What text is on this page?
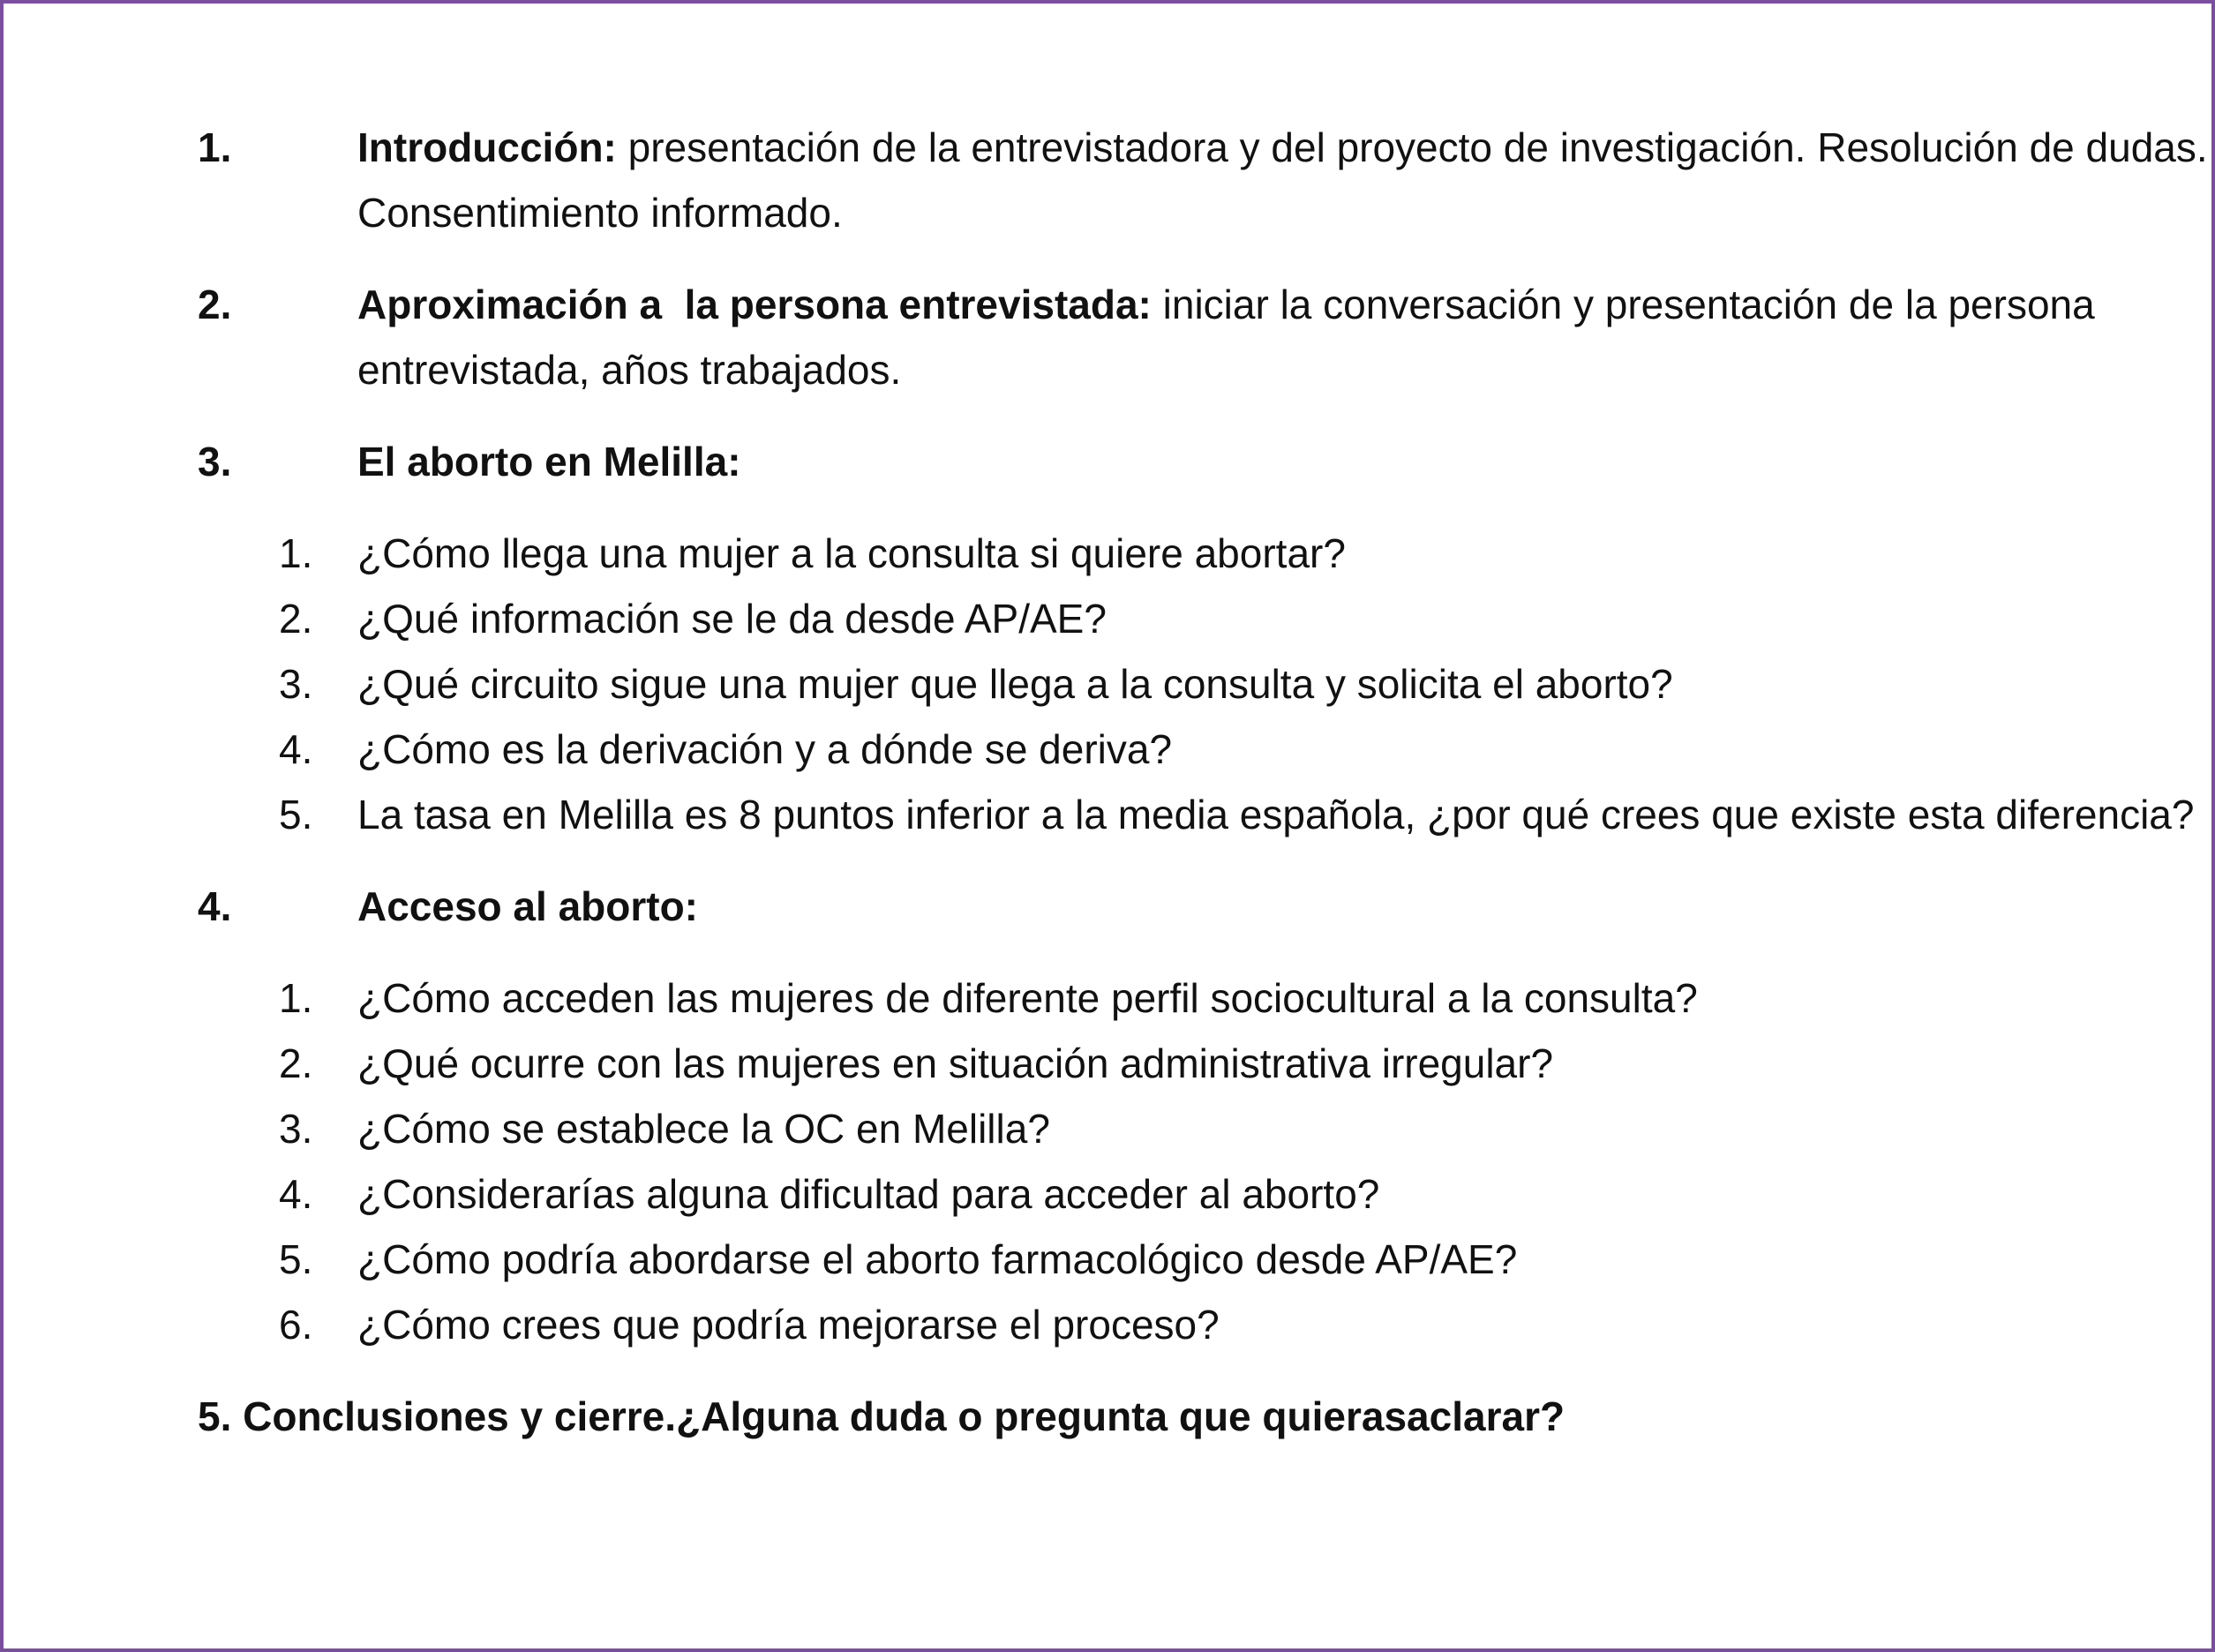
1.	Introducción: presentación de la entrevistadora y del proyecto de investigación. Resolución de dudas. Consentimiento informado.
2.	Aproximación a  la persona entrevistada: iniciar la conversación y presentación de la persona entrevistada, años trabajados.
3.	El aborto en Melilla:
1. ¿Cómo llega una mujer a la consulta si quiere abortar?
2. ¿Qué información se le da desde AP/AE?
3. ¿Qué circuito sigue una mujer que llega a la consulta y solicita el aborto?
4. ¿Cómo es la derivación y a dónde se deriva?
5. La tasa en Melilla es 8 puntos inferior a la media española, ¿por qué crees que existe esta diferencia?
4.	Acceso al aborto:
1. ¿Cómo acceden las mujeres de diferente perfil sociocultural a la consulta?
2. ¿Qué ocurre con las mujeres en situación administrativa irregular?
3. ¿Cómo se establece la OC en Melilla?
4. ¿Considerarías alguna dificultad para acceder al aborto?
5. ¿Cómo podría abordarse el aborto farmacológico desde AP/AE?
6. ¿Cómo crees que podría mejorarse el proceso?
5. Conclusiones y cierre.¿Alguna duda o pregunta que quierasaclarar?
